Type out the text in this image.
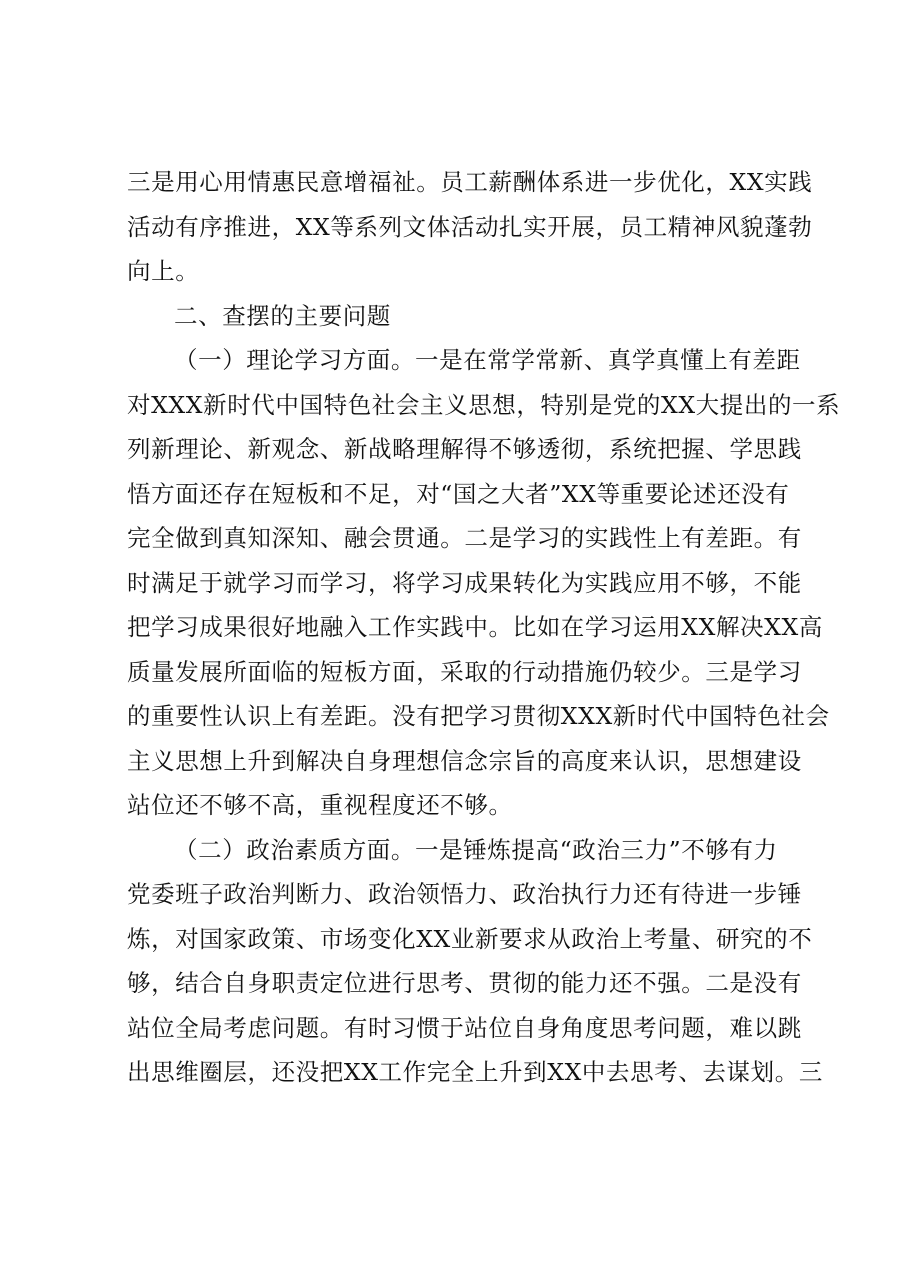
三是用心用情惠民意增福祉。员工薪酬体系进一步优化，XX实践
活动有序推进，XX等系列文体活动扎实开展，员工精神风貌蓬勃
向上。
二、查摆的主要问题
（一）理论学习方面。一是在常学常新、真学真懂上有差距
对XXX新时代中国特色社会主义思想，特别是党的XX大提出的一系
列新理论、新观念、新战略理解得不够透彻，系统把握、学思践
悟方面还存在短板和不足，对“国之大者”XX等重要论述还没有
完全做到真知深知、融会贯通。二是学习的实践性上有差距。有
时满足于就学习而学习，将学习成果转化为实践应用不够，不能
把学习成果很好地融入工作实践中。比如在学习运用XX解决XX高
质量发展所面临的短板方面，采取的行动措施仍较少。三是学习
的重要性认识上有差距。没有把学习贯彻XXX新时代中国特色社会
主义思想上升到解决自身理想信念宗旨的高度来认识，思想建设
站位还不够不高，重视程度还不够。
（二）政治素质方面。一是锤炼提高“政治三力”不够有力
党委班子政治判断力、政治领悟力、政治执行力还有待进一步锤
炼，对国家政策、市场变化XX业新要求从政治上考量、研究的不
够，结合自身职责定位进行思考、贯彻的能力还不强。二是没有
站位全局考虑问题。有时习惯于站位自身角度思考问题，难以跳
出思维圈层，还没把XX工作完全上升到XX中去思考、去谋划。三
